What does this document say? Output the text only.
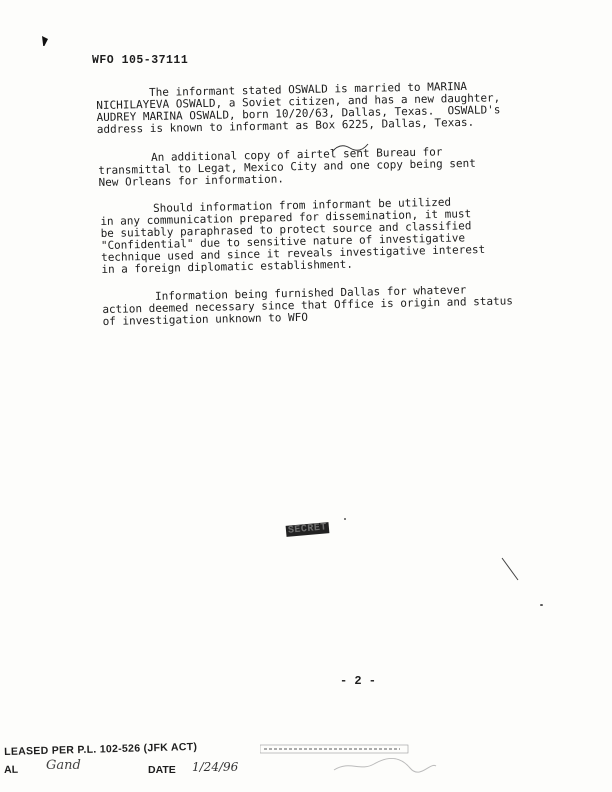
WFO 105-37111
The informant stated OSWALD is married to MARINA
NICHILAYEVA OSWALD, a Soviet citizen, and has a new daughter,
AUDREY MARINA OSWALD, born 10/20/63, Dallas, Texas.  OSWALD's
address is known to informant as Box 6225, Dallas, Texas.
An additional copy of airtel sent Bureau for
transmittal to Legat, Mexico City and one copy being sent
New Orleans for information.
Should information from informant be utilized
in any communication prepared for dissemination, it must
be suitably paraphrased to protect source and classified
"Confidential" due to sensitive nature of investigative
technique used and since it reveals investigative interest
in a foreign diplomatic establishment.
Information being furnished Dallas for whatever
action deemed necessary since that Office is origin and status
of investigation unknown to WFO
SECRET
- 2 -
LEASED PER P.L. 102-526 (JFK ACT)
AL Gand	DATE 1/24/96
